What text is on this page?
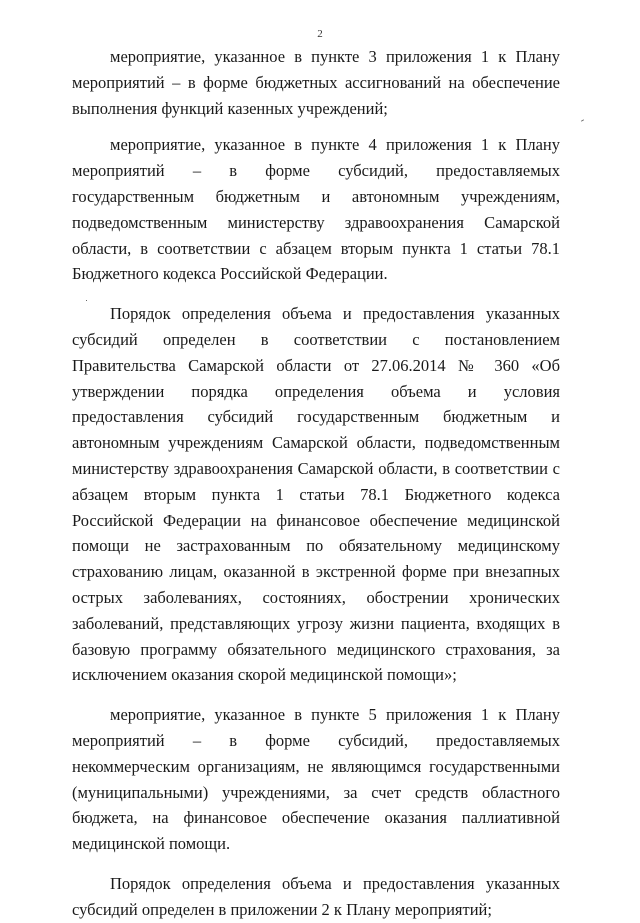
2

мероприятие, указанное в пункте 3 приложения 1 к Плану мероприятий – в форме бюджетных ассигнований на обеспечение выполнения функций казенных учреждений;

мероприятие, указанное в пункте 4 приложения 1 к Плану мероприятий – в форме субсидий, предоставляемых государственным бюджетным и автономным учреждениям, подведомственным министерству здравоохранения Самарской области, в соответствии с абзацем вторым пункта 1 статьи 78.1 Бюджетного кодекса Российской Федерации.

Порядок определения объема и предоставления указанных субсидий определен в соответствии с постановлением Правительства Самарской области от 27.06.2014 № 360 «Об утверждении порядка определения объема и условия предоставления субсидий государственным бюджетным и автономным учреждениям Самарской области, подведомственным министерству здравоохранения Самарской области, в соответствии с абзацем вторым пункта 1 статьи 78.1 Бюджетного кодекса Российской Федерации на финансовое обеспечение медицинской помощи не застрахованным по обязательному медицинскому страхованию лицам, оказанной в экстренной форме при внезапных острых заболеваниях, состояниях, обострении хронических заболеваний, представляющих угрозу жизни пациента, входящих в базовую программу обязательного медицинского страхования, за исключением оказания скорой медицинской помощи»;

мероприятие, указанное в пункте 5 приложения 1 к Плану мероприятий – в форме субсидий, предоставляемых некоммерческим организациям, не являющимся государственными (муниципальными) учреждениями, за счет средств областного бюджета, на финансовое обеспечение оказания паллиативной медицинской помощи.

Порядок определения объема и предоставления указанных субсидий определен в приложении 2 к Плану мероприятий;
